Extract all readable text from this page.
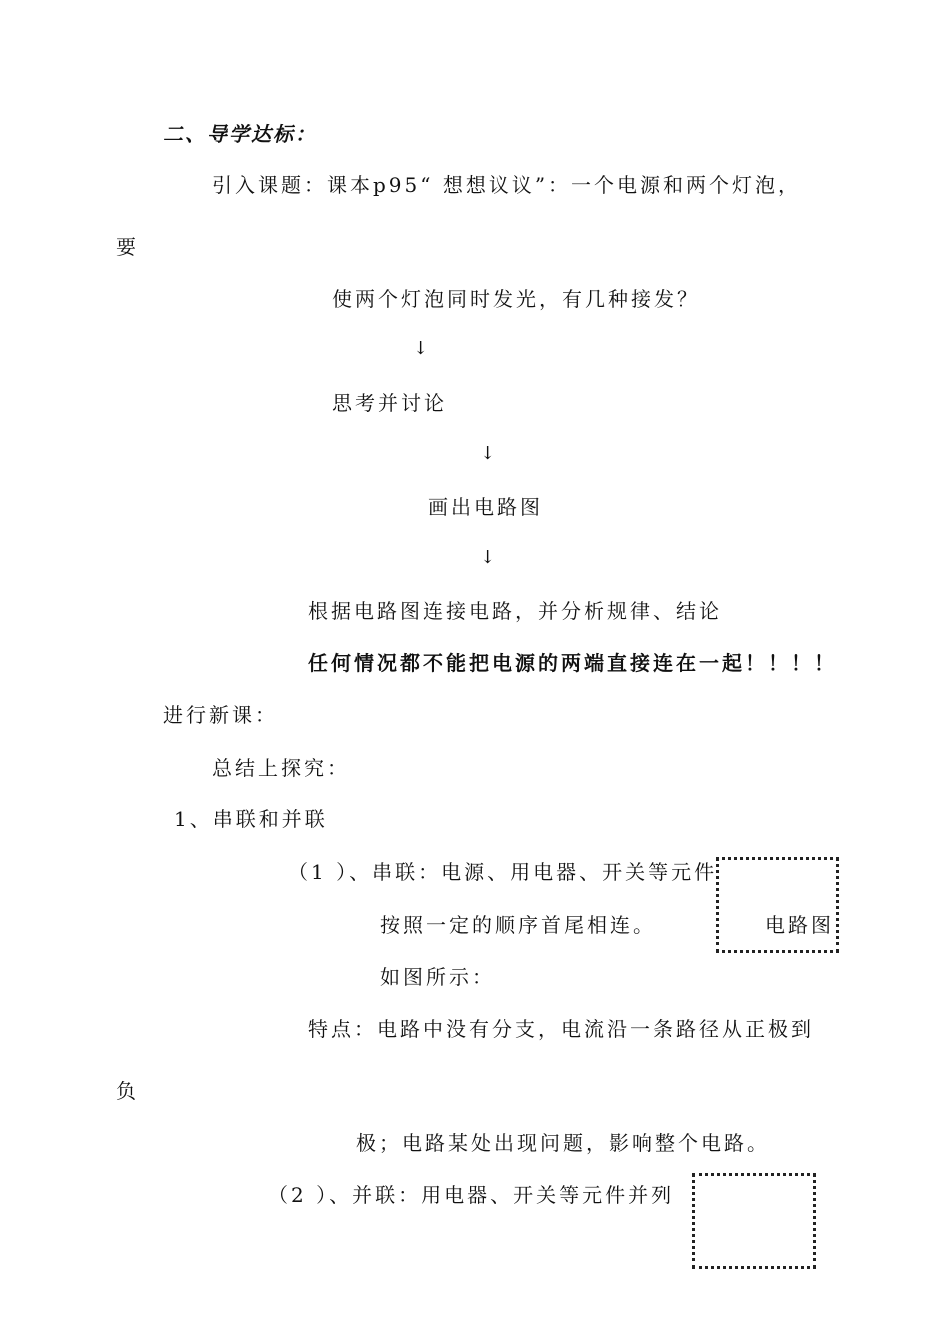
二、导学达标：
引入课题：课本p95“ 想想议议”：一个电源和两个灯泡，
要
使两个灯泡同时发光，有几种接发？
↓
思考并讨论
↓
画出电路图
↓
根据电路图连接电路，并分析规律、结论
任何情况都不能把电源的两端直接连在一起！！！！
进行新课：
总结上探究：
1、串联和并联
（1 ）、串联：电源、用电器、开关等元件
按照一定的顺序首尾相连。	电路图
如图所示：
特点：电路中没有分支，电流沿一条路径从正极到
负
极；电路某处出现问题，影响整个电路。
（2 ）、并联：用电器、开关等元件并列
